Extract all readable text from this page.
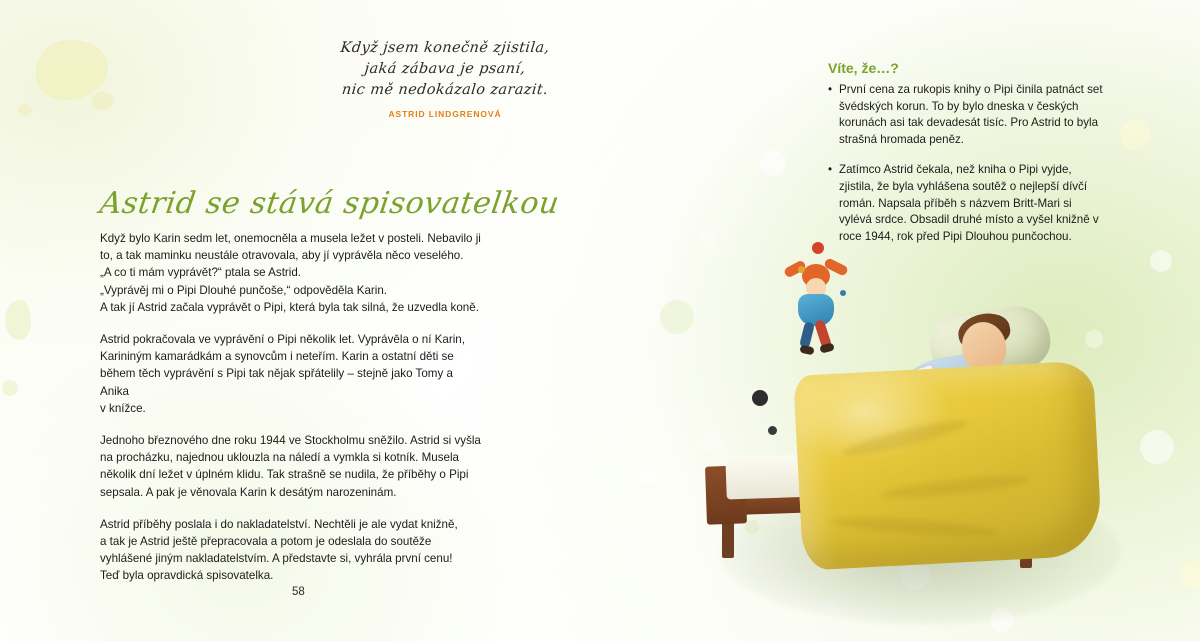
Když jsem konečně zjistila,
jaká zábava je psaní,
nic mě nedokázalo zarazit.
ASTRID LINDGRENOVÁ
Astrid se stává spisovatelkou

Když bylo Karin sedm let, onemocněla a musela ležet v posteli. Nebavilo ji
to, a tak maminku neustále otravovala, aby jí vyprávěla něco veselého.
„A co ti mám vyprávět?“ ptala se Astrid.
„Vyprávěj mi o Pipi Dlouhé punčoše,“ odpověděla Karin.
A tak jí Astrid začala vyprávět o Pipi, která byla tak silná, že uzvedla koně.

Astrid pokračovala ve vyprávění o Pipi několik let. Vyprávěla o ní Karin,
Karininým kamarádkám a synovcům i neteřím. Karin a ostatní děti se
během těch vyprávění s Pipi tak nějak spřátelily – stejně jako Tomy a Anika
v knížce.

Jednoho březnového dne roku 1944 ve Stockholmu sněžilo. Astrid si vyšla
na procházku, najednou uklouzla na náledí a vymkla si kotník. Musela
několik dní ležet v úplném klidu. Tak strašně se nudila, že příběhy o Pipi
sepsala. A pak je věnovala Karin k desátým narozeninám.

Astrid příběhy poslala i do nakladatelství. Nechtěli je ale vydat knižně,
a tak je Astrid ještě přepracovala a potom je odeslala do soutěže
vyhlášené jiným nakladatelstvím. A představte si, vyhrála první cenu!
Teď byla opravdická spisovatelka.

58
Víte, že…?
• První cena za rukopis knihy o Pipi činila patnáct set švédských korun. To by bylo dneska v českých korunách asi tak devadesát tisíc. Pro Astrid to byla strašná hromada peněz.
• Zatímco Astrid čekala, než kniha o Pipi vyjde, zjistila, že byla vyhlášena soutěž o nejlepší dívčí román. Napsala příběh s názvem Britt-Mari si vylévá srdce. Obsadil druhé místo a vyšel knižně v roce 1944, rok před Pipi Dlouhou punčochou.
